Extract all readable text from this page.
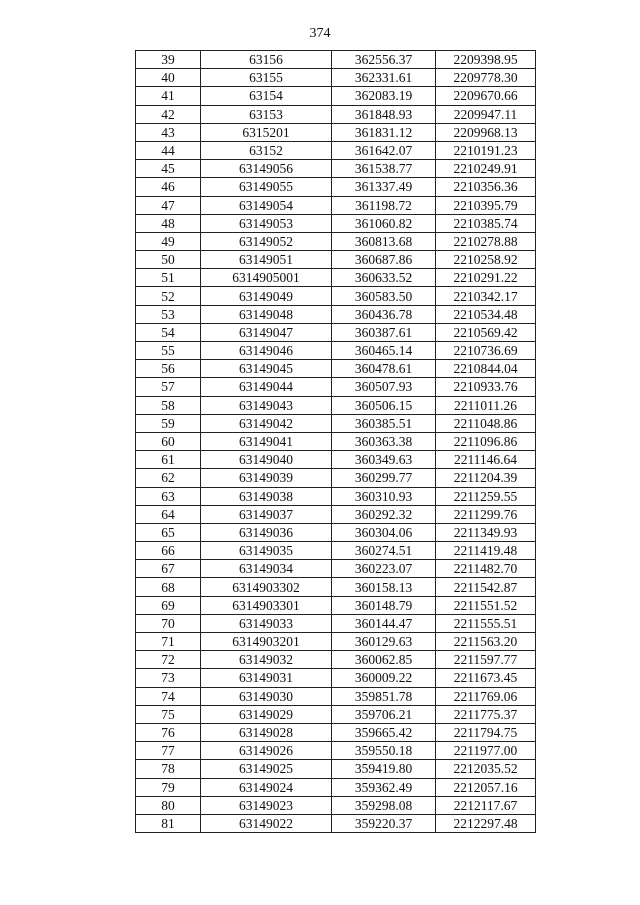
374
39	63156	362556.37	2209398.95
40	63155	362331.61	2209778.30
41	63154	362083.19	2209670.66
42	63153	361848.93	2209947.11
43	6315201	361831.12	2209968.13
44	63152	361642.07	2210191.23
45	63149056	361538.77	2210249.91
46	63149055	361337.49	2210356.36
47	63149054	361198.72	2210395.79
48	63149053	361060.82	2210385.74
49	63149052	360813.68	2210278.88
50	63149051	360687.86	2210258.92
51	6314905001	360633.52	2210291.22
52	63149049	360583.50	2210342.17
53	63149048	360436.78	2210534.48
54	63149047	360387.61	2210569.42
55	63149046	360465.14	2210736.69
56	63149045	360478.61	2210844.04
57	63149044	360507.93	2210933.76
58	63149043	360506.15	2211011.26
59	63149042	360385.51	2211048.86
60	63149041	360363.38	2211096.86
61	63149040	360349.63	2211146.64
62	63149039	360299.77	2211204.39
63	63149038	360310.93	2211259.55
64	63149037	360292.32	2211299.76
65	63149036	360304.06	2211349.93
66	63149035	360274.51	2211419.48
67	63149034	360223.07	2211482.70
68	6314903302	360158.13	2211542.87
69	6314903301	360148.79	2211551.52
70	63149033	360144.47	2211555.51
71	6314903201	360129.63	2211563.20
72	63149032	360062.85	2211597.77
73	63149031	360009.22	2211673.45
74	63149030	359851.78	2211769.06
75	63149029	359706.21	2211775.37
76	63149028	359665.42	2211794.75
77	63149026	359550.18	2211977.00
78	63149025	359419.80	2212035.52
79	63149024	359362.49	2212057.16
80	63149023	359298.08	2212117.67
81	63149022	359220.37	2212297.48
